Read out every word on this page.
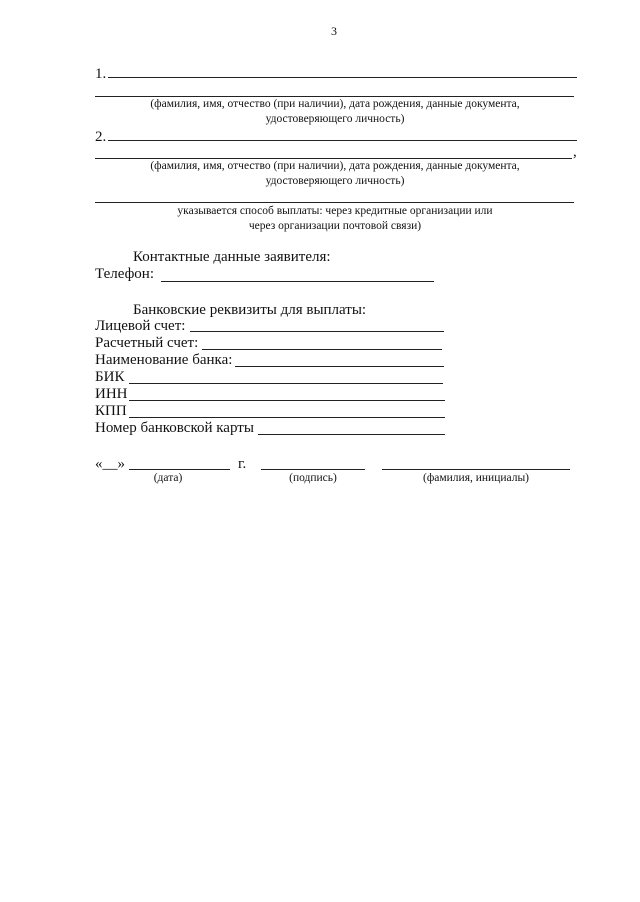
3
1.
(фамилия, имя, отчество (при наличии), дата рождения, данные документа,
удостоверяющего личность)
2.
,
(фамилия, имя, отчество (при наличии), дата рождения, данные документа,
удостоверяющего личность)
указывается способ выплаты: через кредитные организации или
через организации почтовой связи)
Контактные данные заявителя:
Телефон:
Банковские реквизиты для выплаты:
Лицевой счет:
Расчетный счет:
Наименование банка:
БИК
ИНН
КПП
Номер банковской карты
«__»	г.
(дата)	(подпись)	(фамилия, инициалы)
